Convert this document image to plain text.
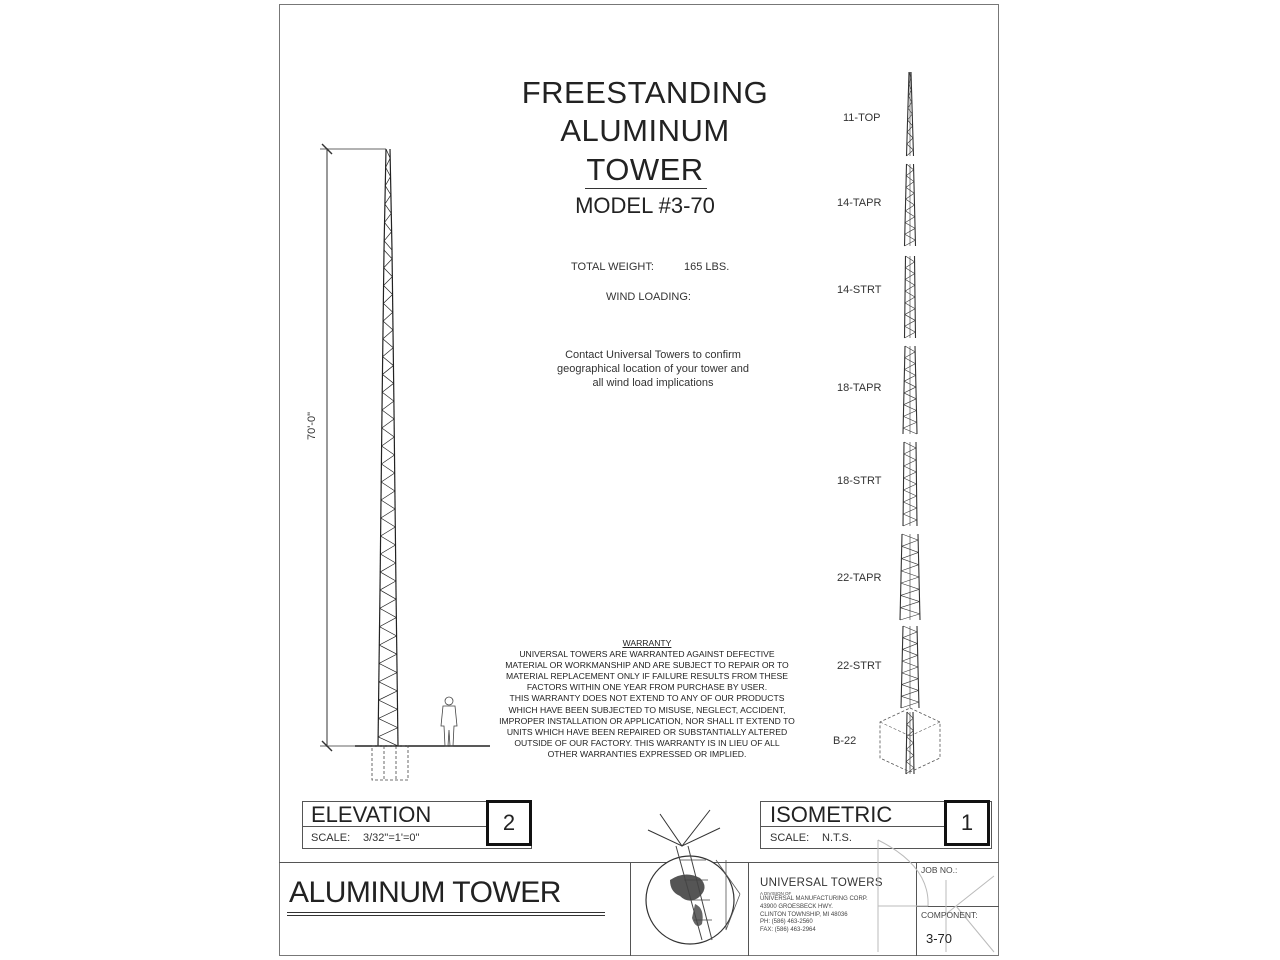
FREESTANDING
ALUMINUM
TOWER
MODEL #3-70
TOTAL WEIGHT:	165 LBS.
WIND LOADING:
Contact Universal Towers to confirm
geographical location of your tower and
all wind load implications
WARRANTY
UNIVERSAL TOWERS ARE WARRANTED AGAINST DEFECTIVE
MATERIAL OR WORKMANSHIP AND ARE SUBJECT TO REPAIR OR TO
MATERIAL REPLACEMENT ONLY IF FAILURE RESULTS FROM THESE
FACTORS WITHIN ONE YEAR FROM PURCHASE BY USER.
THIS WARRANTY DOES NOT EXTEND TO ANY OF OUR PRODUCTS
WHICH HAVE BEEN SUBJECTED TO MISUSE, NEGLECT, ACCIDENT,
IMPROPER INSTALLATION OR APPLICATION, NOR SHALL IT EXTEND TO
UNITS WHICH HAVE BEEN REPAIRED OR SUBSTANTIALLY ALTERED
OUTSIDE OF OUR FACTORY. THIS WARRANTY IS IN LIEU OF ALL
OTHER WARRANTIES EXPRESSED OR IMPLIED.
70'-0"
11-TOP
14-TAPR
14-STRT
18-TAPR
18-STRT
22-TAPR
22-STRT
B-22
ELEVATION
SCALE: 3/32"=1'=0"
2	ISOMETRIC
SCALE: N.T.S.
1
ALUMINUM TOWER	UNIVERSAL TOWERS
A DIVISION OF
UNIVERSAL MANUFACTURING CORP.
43900 GROESBECK HWY.
CLINTON TOWNSHIP, MI 48036
PH: (586) 463-2560
FAX: (586) 463-2964
JOB NO.:
COMPONENT:
3-70
